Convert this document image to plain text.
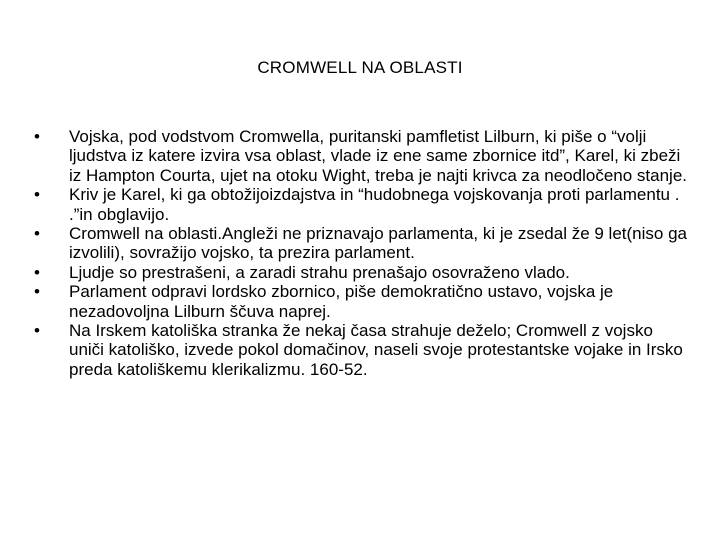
CROMWELL NA OBLASTI
• Vojska, pod vodstvom Cromwella, puritanski pamfletist Lilburn, ki piše o “volji ljudstva iz katere izvira vsa oblast, vlade iz ene same zbornice itd”, Karel, ki zbeži iz Hampton Courta, ujet na otoku Wight, treba je najti krivca za neodločeno stanje.
• Kriv je Karel, ki ga obtožijoizdajstva in “hudobnega vojskovanja proti parlamentu . .”in obglavijo.
• Cromwell na oblasti.Angleži ne priznavajo parlamenta, ki je zsedal že 9 let(niso ga izvolili), sovražijo vojsko, ta prezira parlament.
• Ljudje so prestrašeni, a zaradi strahu prenašajo osovraženo vlado.
• Parlament odpravi lordsko zbornico, piše demokratično ustavo, vojska je nezadovoljna Lilburn ščuva naprej.
• Na Irskem katoliška stranka že nekaj časa strahuje deželo; Cromwell z vojsko uniči katoliško, izvede pokol domačinov, naseli svoje protestantske vojake in Irsko preda katoliškemu klerikalizmu. 160-52.
